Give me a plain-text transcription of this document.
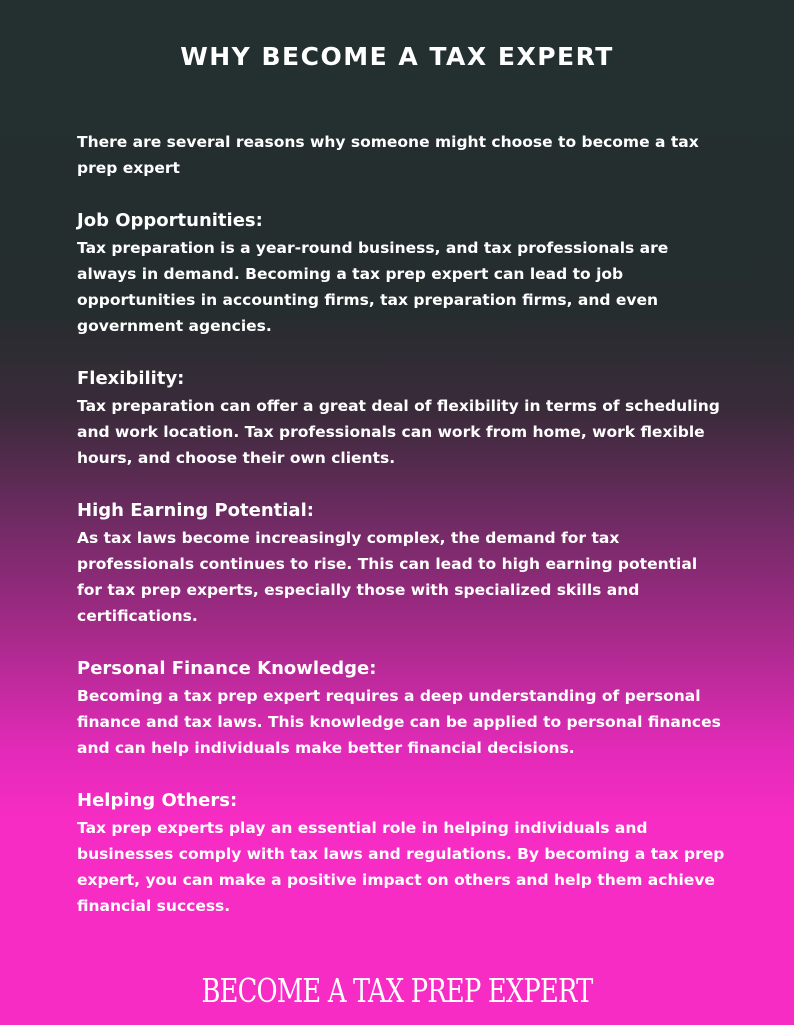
WHY BECOME A TAX EXPERT

There are several reasons why someone might choose to become a tax prep expert

Job Opportunities:

Tax preparation is a year-round business, and tax professionals are always in demand. Becoming a tax prep expert can lead to job opportunities in accounting firms, tax preparation firms, and even government agencies.

Flexibility:

Tax preparation can offer a great deal of flexibility in terms of scheduling and work location. Tax professionals can work from home, work flexible hours, and choose their own clients.

High Earning Potential:

As tax laws become increasingly complex, the demand for tax professionals continues to rise. This can lead to high earning potential for tax prep experts, especially those with specialized skills and certifications.

Personal Finance Knowledge:

Becoming a tax prep expert requires a deep understanding of personal finance and tax laws. This knowledge can be applied to personal finances and can help individuals make better financial decisions.

Helping Others:

Tax prep experts play an essential role in helping individuals and businesses comply with tax laws and regulations. By becoming a tax prep expert, you can make a positive impact on others and help them achieve financial success.

BECOME A TAX PREP EXPERT
